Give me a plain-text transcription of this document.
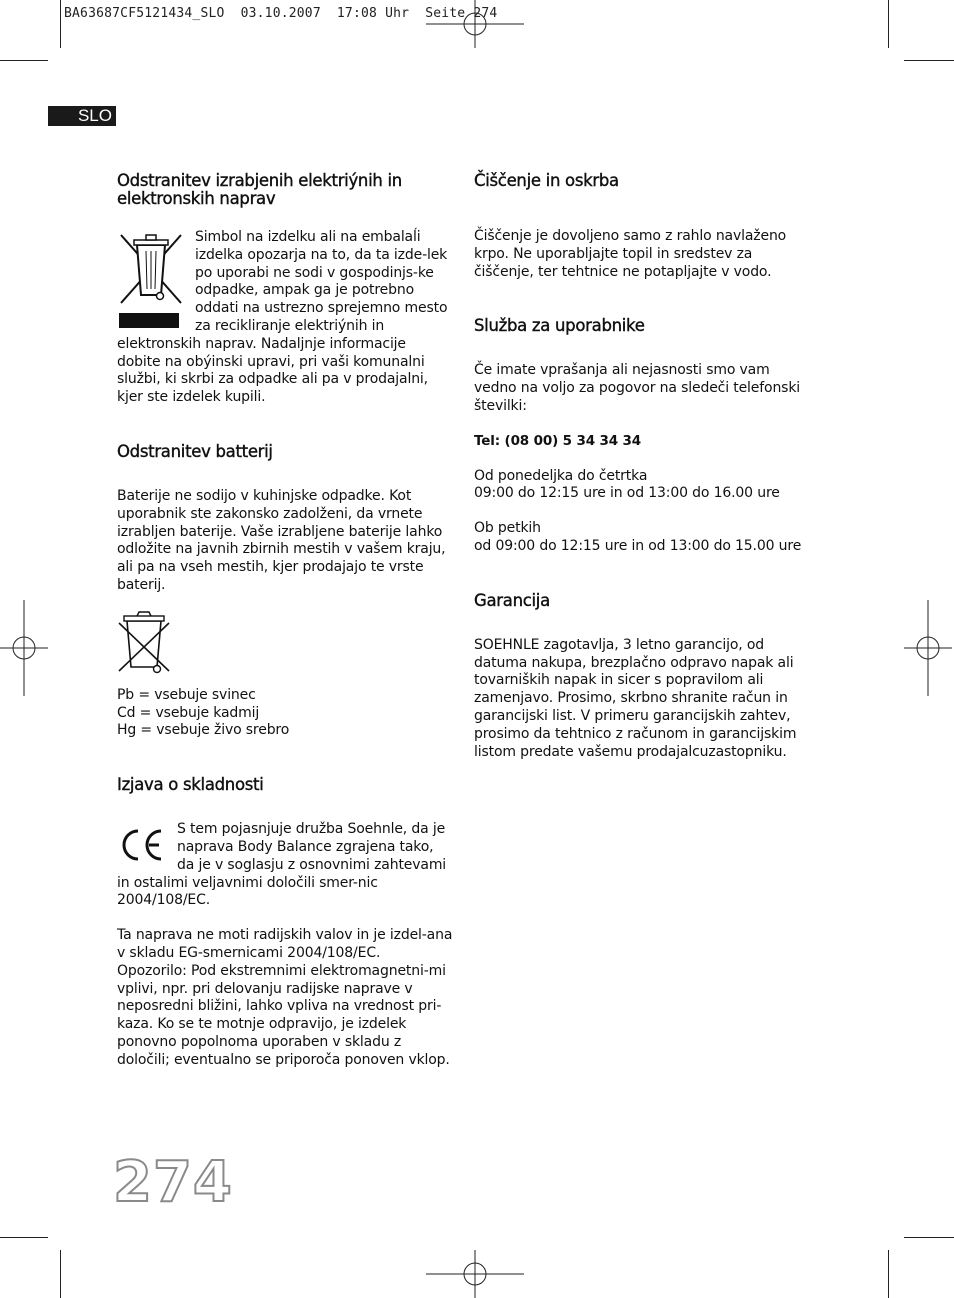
BA63687CF5121434_SLO  03.10.2007  17:08 Uhr  Seite 274
SLO
Odstranitev izrabjenih elektriýnih in elektronskih naprav

Simbol na izdelku ali na embalaĺi izdelka opozarja na to, da ta izde-lek po uporabi ne sodi v gospodinjs-ke odpadke, ampak ga je potrebno oddati na ustrezno sprejemno mesto za recikliranje elektriýnih in elektronskih naprav. Nadaljnje informacije dobite na obýinski upravi, pri vaši komunalni službi, ki skrbi za odpadke ali pa v prodajalni, kjer ste izdelek kupili.

Odstranitev batterij

Baterije ne sodijo v kuhinjske odpadke. Kot uporabnik ste zakonsko zadolženi, da vrnete izrabljen baterije. Vaše izrabljene baterije lahko odložite na javnih zbirnih mestih v vašem kraju, ali pa na vseh mestih, kjer prodajajo te vrste baterij.

Pb = vsebuje svinec

Cd = vsebuje kadmij

Hg = vsebuje živo srebro

Izjava o skladnosti

S tem pojasnjuje družba Soehnle, da je naprava Body Balance zgrajena tako, da je v soglasju z osnovnimi zahtevami in ostalimi veljavnimi določili smer-nic 2004/108/EC.

Ta naprava ne moti radijskih valov in je izdel-ana v skladu EG-smernicami 2004/108/EC. Opozorilo: Pod ekstremnimi elektromagnetni-mi vplivi, npr. pri delovanju radijske naprave v neposredni bližini, lahko vpliva na vrednost pri-kaza. Ko se te motnje odpravijo, je izdelek ponovno popolnoma uporaben v skladu z določili; eventualno se priporoča ponoven vklop.

Čiščenje in oskrba

Čiščenje je dovoljeno samo z rahlo navlaženo krpo. Ne uporabljajte topil in sredstev za čiščenje, ter tehtnice ne potapljajte v vodo.

Služba za uporabnike

Če imate vprašanja ali nejasnosti smo vam vedno na voljo za pogovor na sledeči telefonski številki:

Tel: (08 00) 5 34 34 34

Od ponedeljka do četrtka

09:00 do 12:15 ure in od 13:00 do 16.00 ure

Ob petkih

od 09:00 do 12:15 ure in od 13:00 do 15.00 ure

Garancija

SOEHNLE zagotavlja, 3 letno garancijo, od datuma nakupa, brezplačno odpravo napak ali tovarniških napak in sicer s popravilom ali zamenjavo. Prosimo, skrbno shranite račun in garancijski list. V primeru garancijskih zahtev, prosimo da tehtnico z računom in garancijskim listom predate vašemu prodajalcuzastopniku.

274
